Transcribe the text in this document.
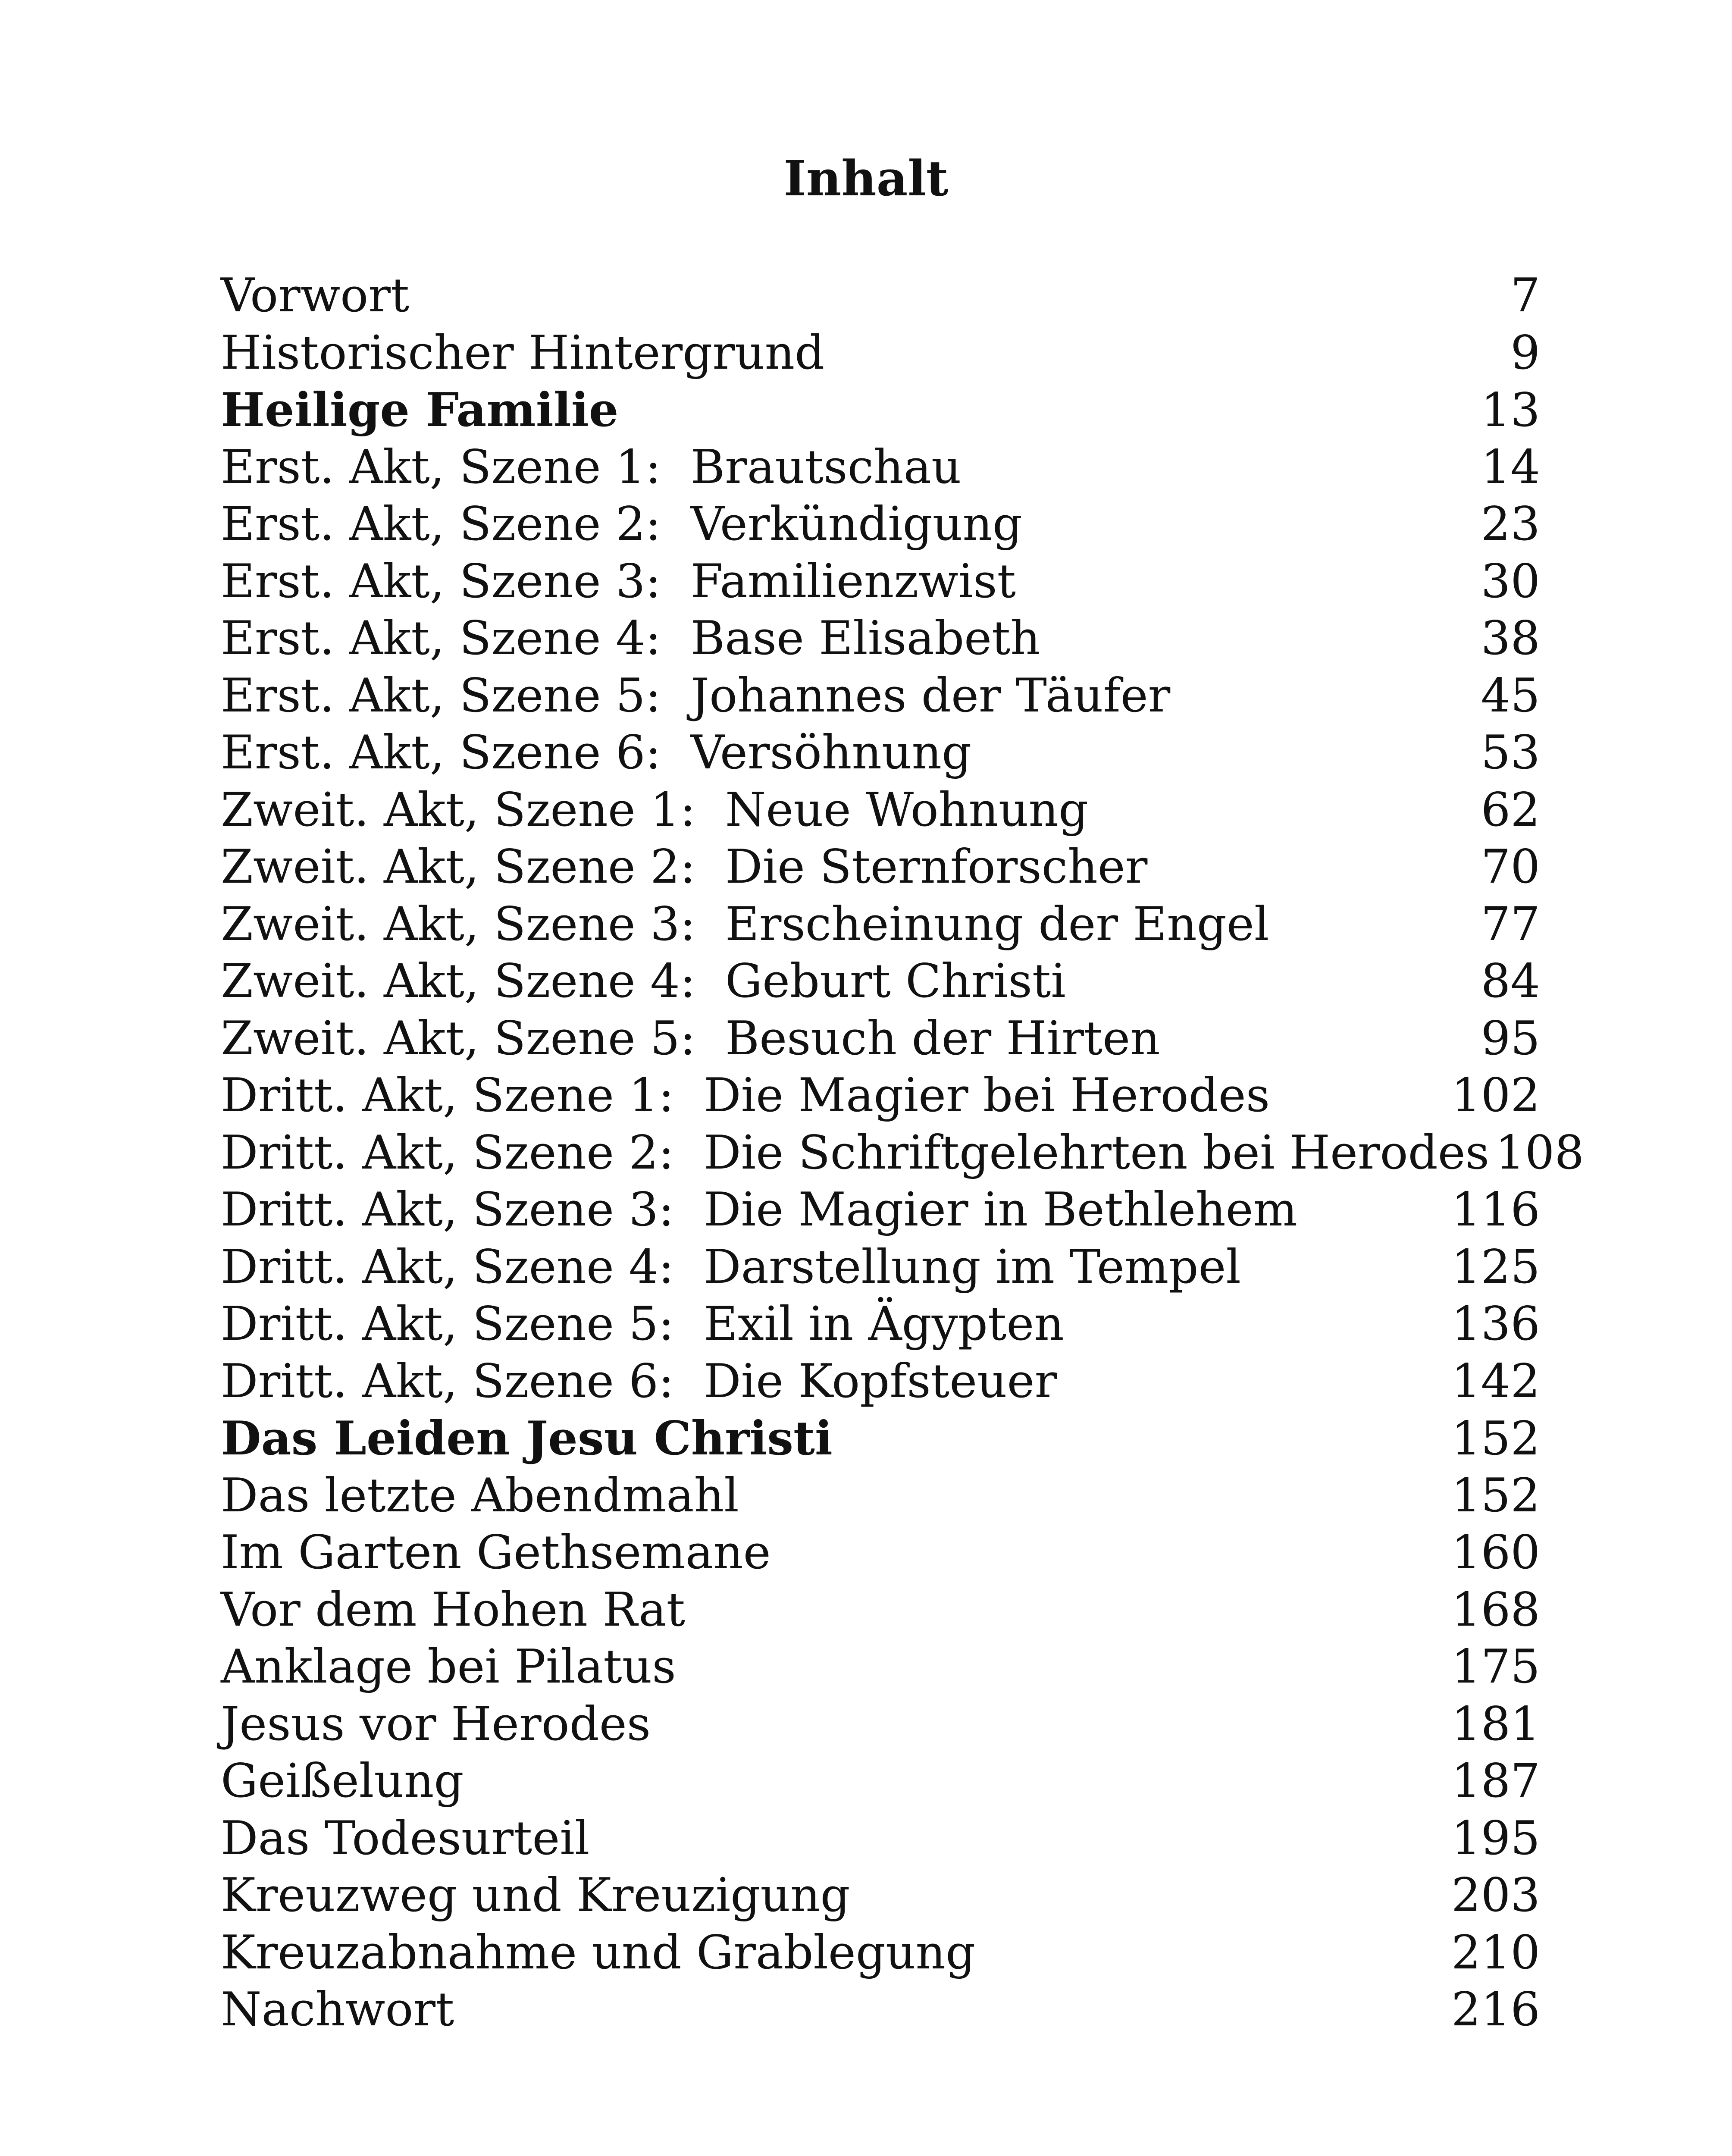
Inhalt
Vorwort	7
Historischer Hintergrund	9
Heilige Familie	13
Erst. Akt, Szene 1:  Brautschau	14
Erst. Akt, Szene 2:  Verkündigung	23
Erst. Akt, Szene 3:  Familienzwist	30
Erst. Akt, Szene 4:  Base Elisabeth	38
Erst. Akt, Szene 5:  Johannes der Täufer	45
Erst. Akt, Szene 6:  Versöhnung	53
Zweit. Akt, Szene 1:  Neue Wohnung	62
Zweit. Akt, Szene 2:  Die Sternforscher	70
Zweit. Akt, Szene 3:  Erscheinung der Engel	77
Zweit. Akt, Szene 4:  Geburt Christi	84
Zweit. Akt, Szene 5:  Besuch der Hirten	95
Dritt. Akt, Szene 1:  Die Magier bei Herodes	102
Dritt. Akt, Szene 2:  Die Schriftgelehrten bei Herodes 108
Dritt. Akt, Szene 3:  Die Magier in Bethlehem	116
Dritt. Akt, Szene 4:  Darstellung im Tempel	125
Dritt. Akt, Szene 5:  Exil in Ägypten	136
Dritt. Akt, Szene 6:  Die Kopfsteuer	142
Das Leiden Jesu Christi	152
Das letzte Abendmahl	152
Im Garten Gethsemane	160
Vor dem Hohen Rat	168
Anklage bei Pilatus	175
Jesus vor Herodes	181
Geißelung	187
Das Todesurteil	195
Kreuzweg und Kreuzigung	203
Kreuzabnahme und Grablegung	210
Nachwort	216
